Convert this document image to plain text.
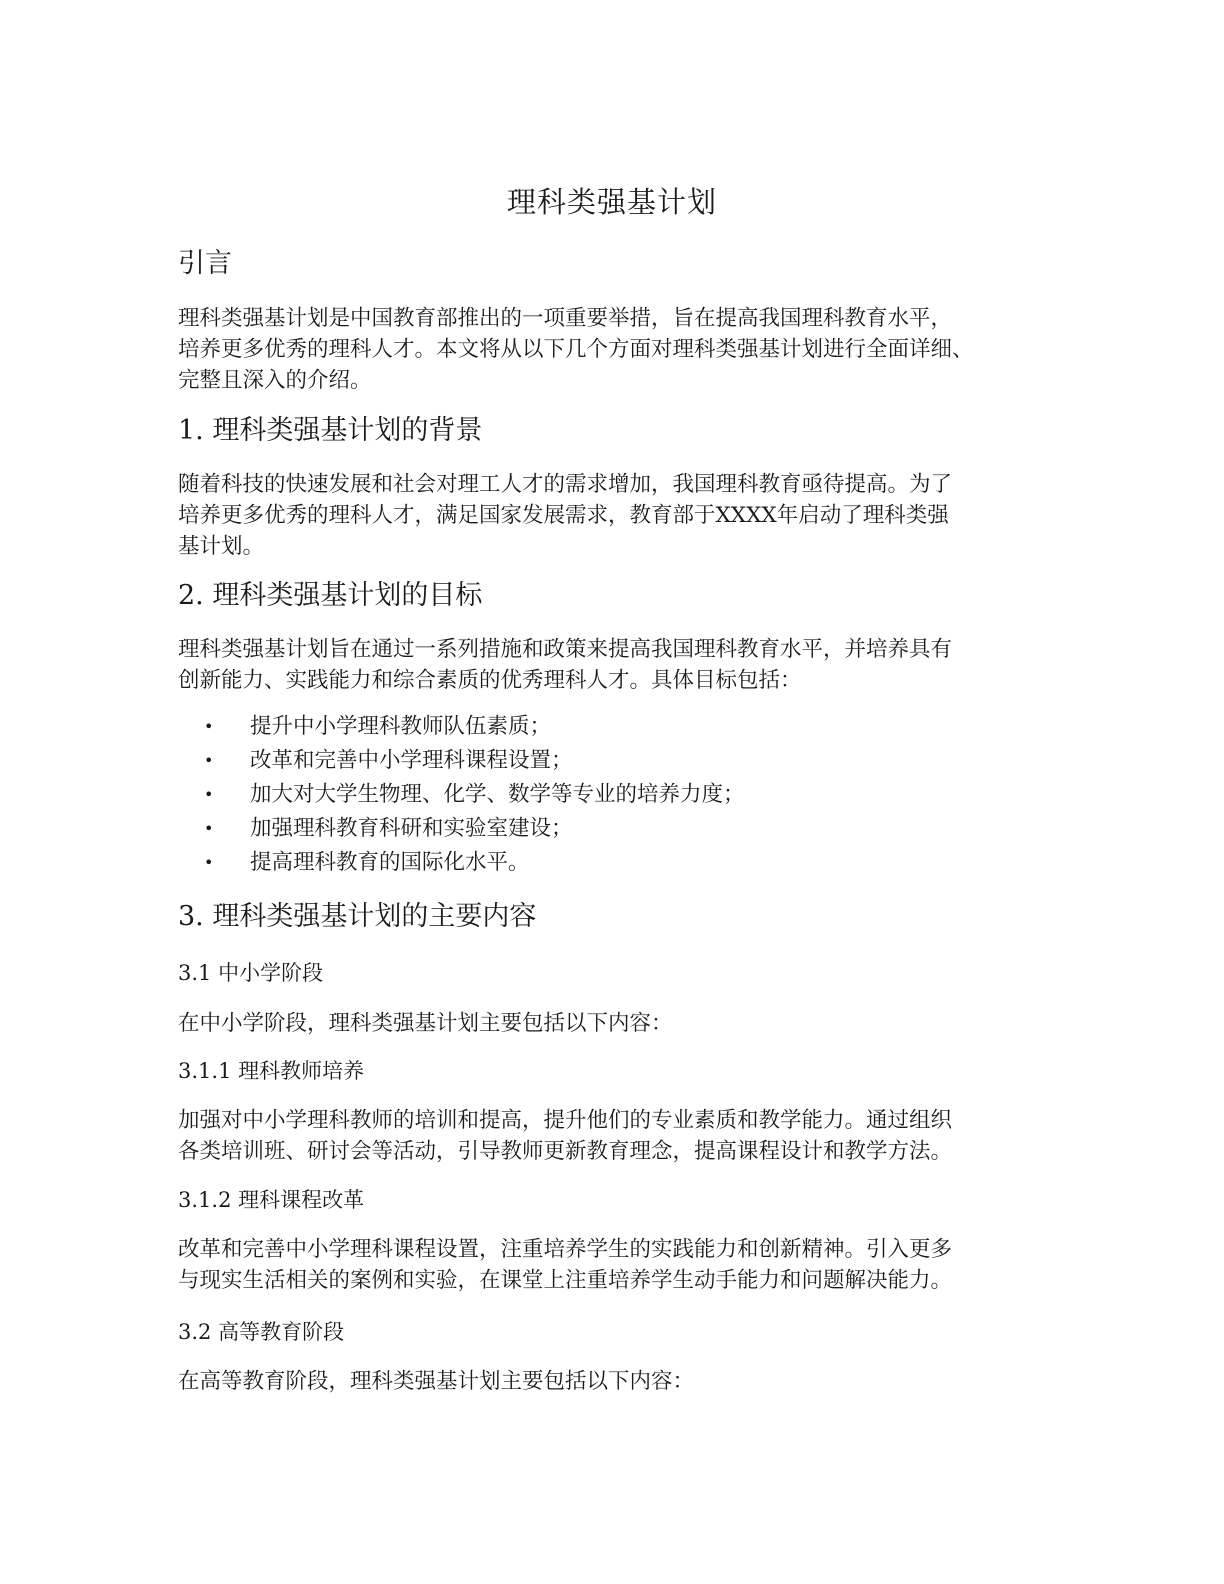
理科类强基计划
引言

理科类强基计划是中国教育部推出的一项重要举措，旨在提高我国理科教育水平，

培养更多优秀的理科人才。本文将从以下几个方面对理科类强基计划进行全面详细、

完整且深入的介绍。

1. 理科类强基计划的背景

随着科技的快速发展和社会对理工人才的需求增加，我国理科教育亟待提高。为了

培养更多优秀的理科人才，满足国家发展需求，教育部于XXXX年启动了理科类强

基计划。

2. 理科类强基计划的目标

理科类强基计划旨在通过一系列措施和政策来提高我国理科教育水平，并培养具有

创新能力、实践能力和综合素质的优秀理科人才。具体目标包括：

• 提升中小学理科教师队伍素质；
• 改革和完善中小学理科课程设置；
• 加大对大学生物理、化学、数学等专业的培养力度；
• 加强理科教育科研和实验室建设；
• 提高理科教育的国际化水平。
3. 理科类强基计划的主要内容
3.1 中小学阶段

在中小学阶段，理科类强基计划主要包括以下内容：

3.1.1 理科教师培养

加强对中小学理科教师的培训和提高，提升他们的专业素质和教学能力。通过组织

各类培训班、研讨会等活动，引导教师更新教育理念，提高课程设计和教学方法。

3.1.2 理科课程改革

改革和完善中小学理科课程设置，注重培养学生的实践能力和创新精神。引入更多

与现实生活相关的案例和实验，在课堂上注重培养学生动手能力和问题解决能力。

3.2 高等教育阶段

在高等教育阶段，理科类强基计划主要包括以下内容：
